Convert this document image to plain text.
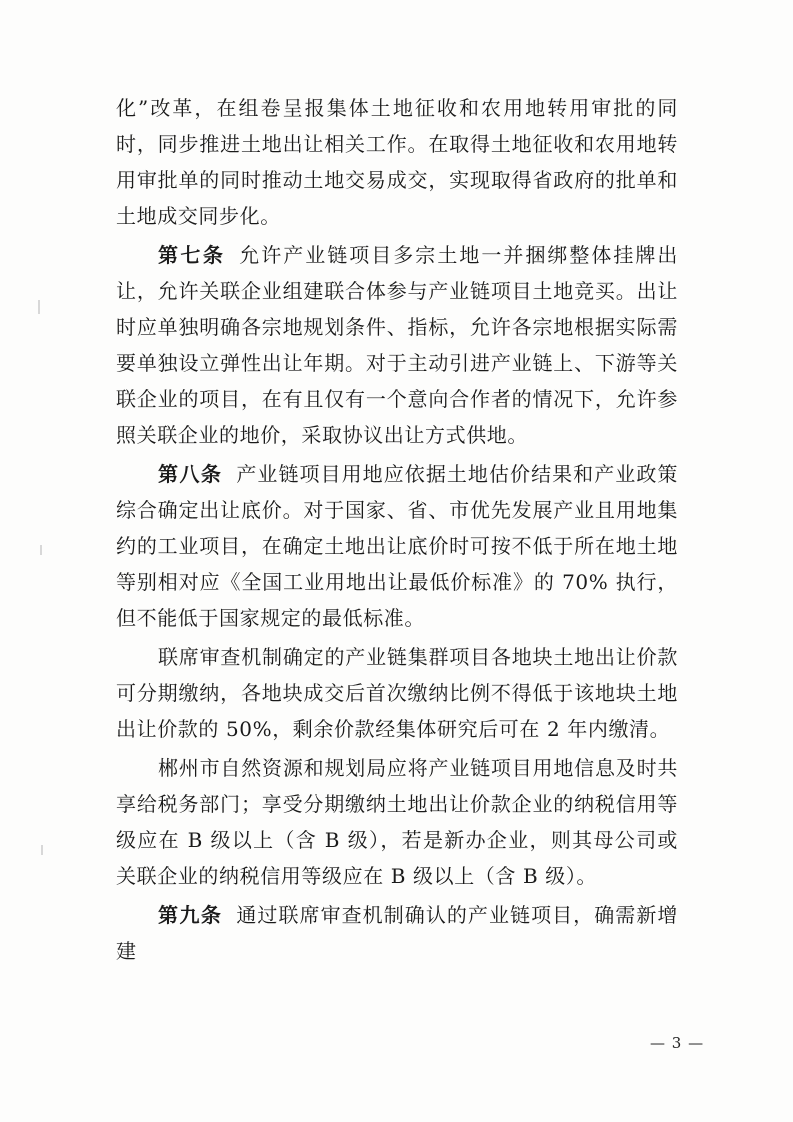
化”改革，在组卷呈报集体土地征收和农用地转用审批的同时，同步推进土地出让相关工作。在取得土地征收和农用地转用审批单的同时推动土地交易成交，实现取得省政府的批单和土地成交同步化。

第七条 允许产业链项目多宗土地一并捆绑整体挂牌出让，允许关联企业组建联合体参与产业链项目土地竞买。出让时应单独明确各宗地规划条件、指标，允许各宗地根据实际需要单独设立弹性出让年期。对于主动引进产业链上、下游等关联企业的项目，在有且仅有一个意向合作者的情况下，允许参照关联企业的地价，采取协议出让方式供地。

第八条 产业链项目用地应依据土地估价结果和产业政策综合确定出让底价。对于国家、省、市优先发展产业且用地集约的工业项目，在确定土地出让底价时可按不低于所在地土地等别相对应《全国工业用地出让最低价标准》的 70% 执行，但不能低于国家规定的最低标准。

联席审查机制确定的产业链集群项目各地块土地出让价款可分期缴纳，各地块成交后首次缴纳比例不得低于该地块土地出让价款的 50%，剩余价款经集体研究后可在 2 年内缴清。

郴州市自然资源和规划局应将产业链项目用地信息及时共享给税务部门；享受分期缴纳土地出让价款企业的纳税信用等级应在 B 级以上（含 B 级），若是新办企业，则其母公司或关联企业的纳税信用等级应在 B 级以上（含 B 级）。

第九条 通过联席审查机制确认的产业链项目，确需新增建

— 3 —
